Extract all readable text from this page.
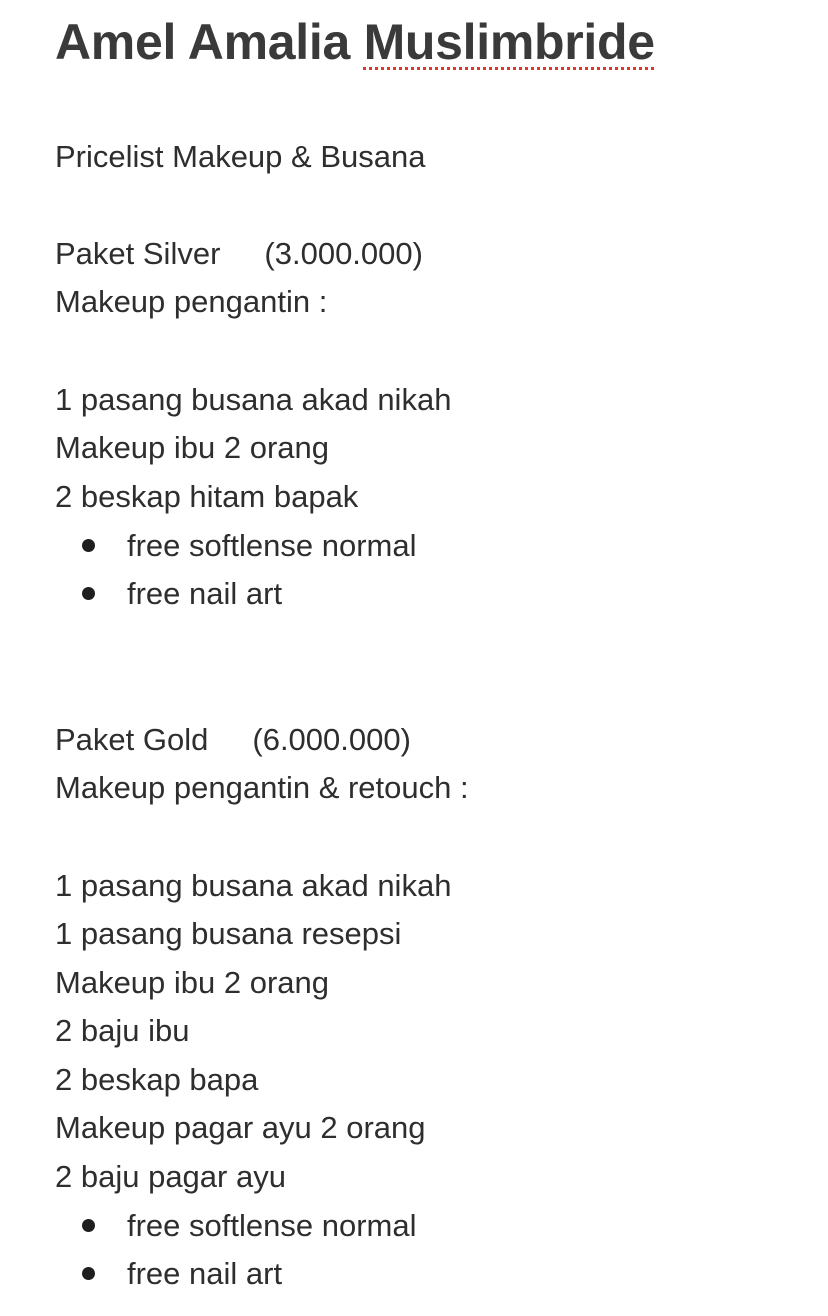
Amel Amalia Muslimbride

Pricelist Makeup & Busana

Paket Silver (3.000.000)

Makeup pengantin :

1 pasang busana akad nikah

Makeup ibu 2 orang

2 beskap hitam bapak

free softlense normal

free nail art

Paket Gold (6.000.000)

Makeup pengantin & retouch :

1 pasang busana akad nikah

1 pasang busana resepsi

Makeup ibu 2 orang

2 baju ibu

2 beskap bapa

Makeup pagar ayu 2 orang

2 baju pagar ayu

free softlense normal

free nail art
